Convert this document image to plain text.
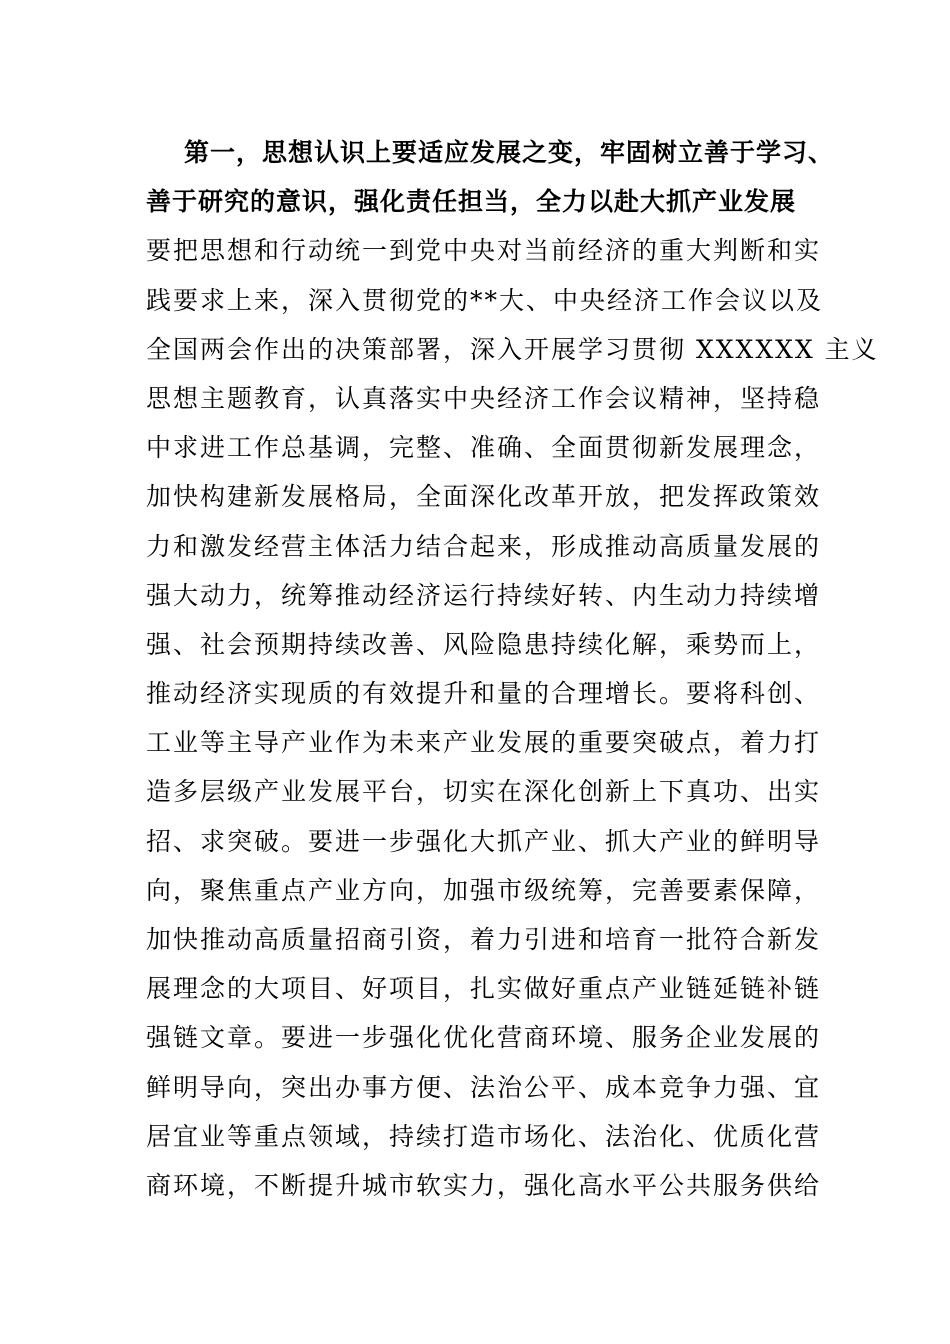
第一，思想认识上要适应发展之变，牢固树立善于学习、
善于研究的意识，强化责任担当，全力以赴大抓产业发展
要把思想和行动统一到党中央对当前经济的重大判断和实
践要求上来，深入贯彻党的**大、中央经济工作会议以及
全国两会作出的决策部署，深入开展学习贯彻 XXXXXX 主义
思想主题教育，认真落实中央经济工作会议精神，坚持稳
中求进工作总基调，完整、准确、全面贯彻新发展理念，
加快构建新发展格局，全面深化改革开放，把发挥政策效
力和激发经营主体活力结合起来，形成推动高质量发展的
强大动力，统筹推动经济运行持续好转、内生动力持续增
强、社会预期持续改善、风险隐患持续化解，乘势而上，
推动经济实现质的有效提升和量的合理增长。要将科创、
工业等主导产业作为未来产业发展的重要突破点，着力打
造多层级产业发展平台，切实在深化创新上下真功、出实
招、求突破。要进一步强化大抓产业、抓大产业的鲜明导
向，聚焦重点产业方向，加强市级统筹，完善要素保障，
加快推动高质量招商引资，着力引进和培育一批符合新发
展理念的大项目、好项目，扎实做好重点产业链延链补链
强链文章。要进一步强化优化营商环境、服务企业发展的
鲜明导向，突出办事方便、法治公平、成本竞争力强、宜
居宜业等重点领域，持续打造市场化、法治化、优质化营
商环境，不断提升城市软实力，强化高水平公共服务供给
